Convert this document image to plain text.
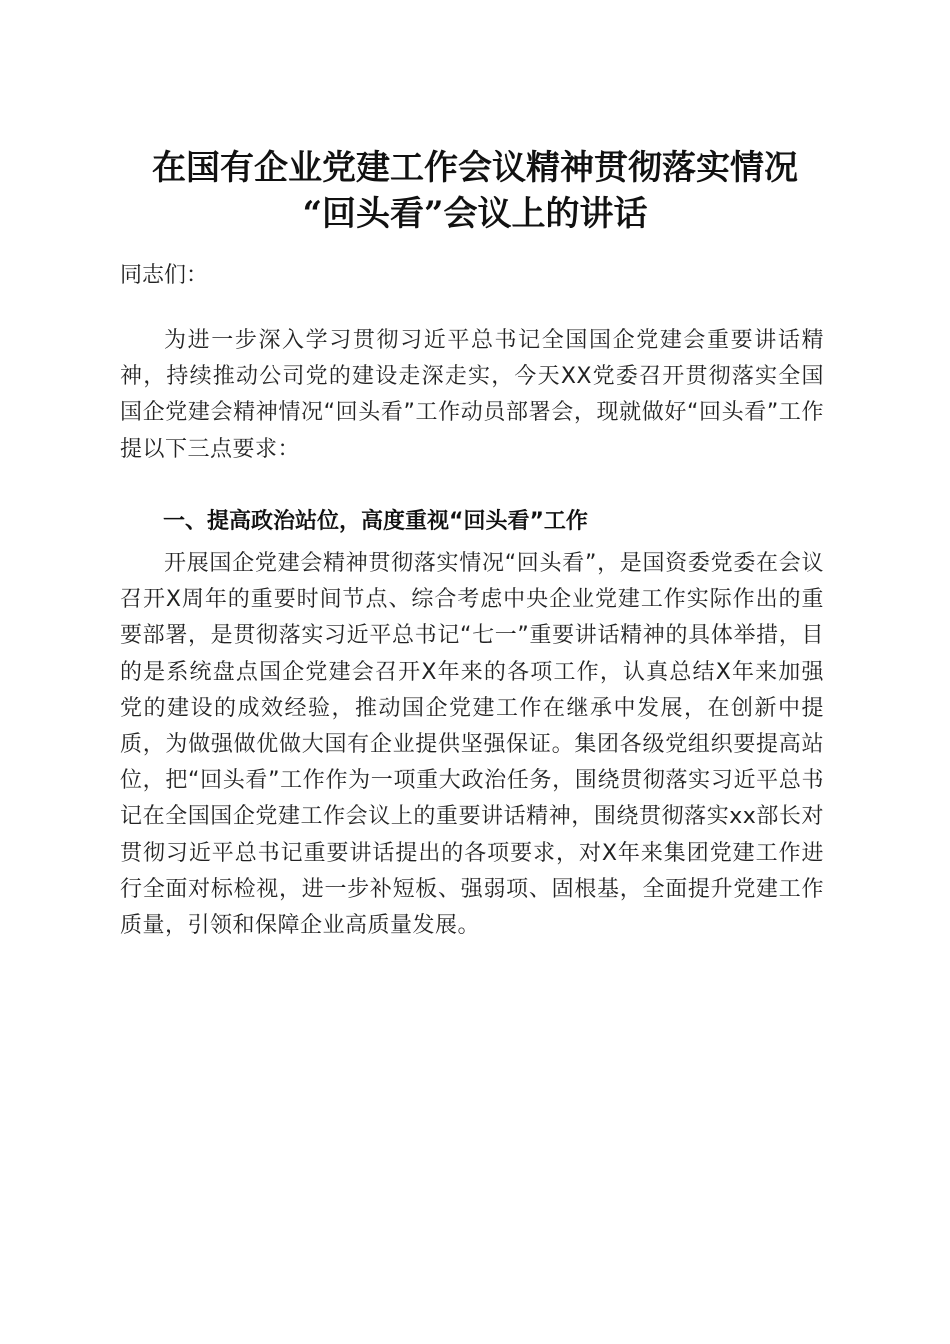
在国有企业党建工作会议精神贯彻落实情况
“回头看”会议上的讲话
同志们：
为进一步深入学习贯彻习近平总书记全国国企党建会重要讲话精神，持续推动公司党的建设走深走实，今天XX党委召开贯彻落实全国国企党建会精神情况“回头看”工作动员部署会，现就做好“回头看”工作提以下三点要求：
一、提高政治站位，高度重视“回头看”工作
开展国企党建会精神贯彻落实情况“回头看”，是国资委党委在会议召开X周年的重要时间节点、综合考虑中央企业党建工作实际作出的重要部署，是贯彻落实习近平总书记“七一”重要讲话精神的具体举措，目的是系统盘点国企党建会召开X年来的各项工作，认真总结X年来加强党的建设的成效经验，推动国企党建工作在继承中发展，在创新中提质，为做强做优做大国有企业提供坚强保证。集团各级党组织要提高站位，把“回头看”工作作为一项重大政治任务，围绕贯彻落实习近平总书记在全国国企党建工作会议上的重要讲话精神，围绕贯彻落实xx部长对贯彻习近平总书记重要讲话提出的各项要求，对X年来集团党建工作进行全面对标检视，进一步补短板、强弱项、固根基，全面提升党建工作质量，引领和保障企业高质量发展。
